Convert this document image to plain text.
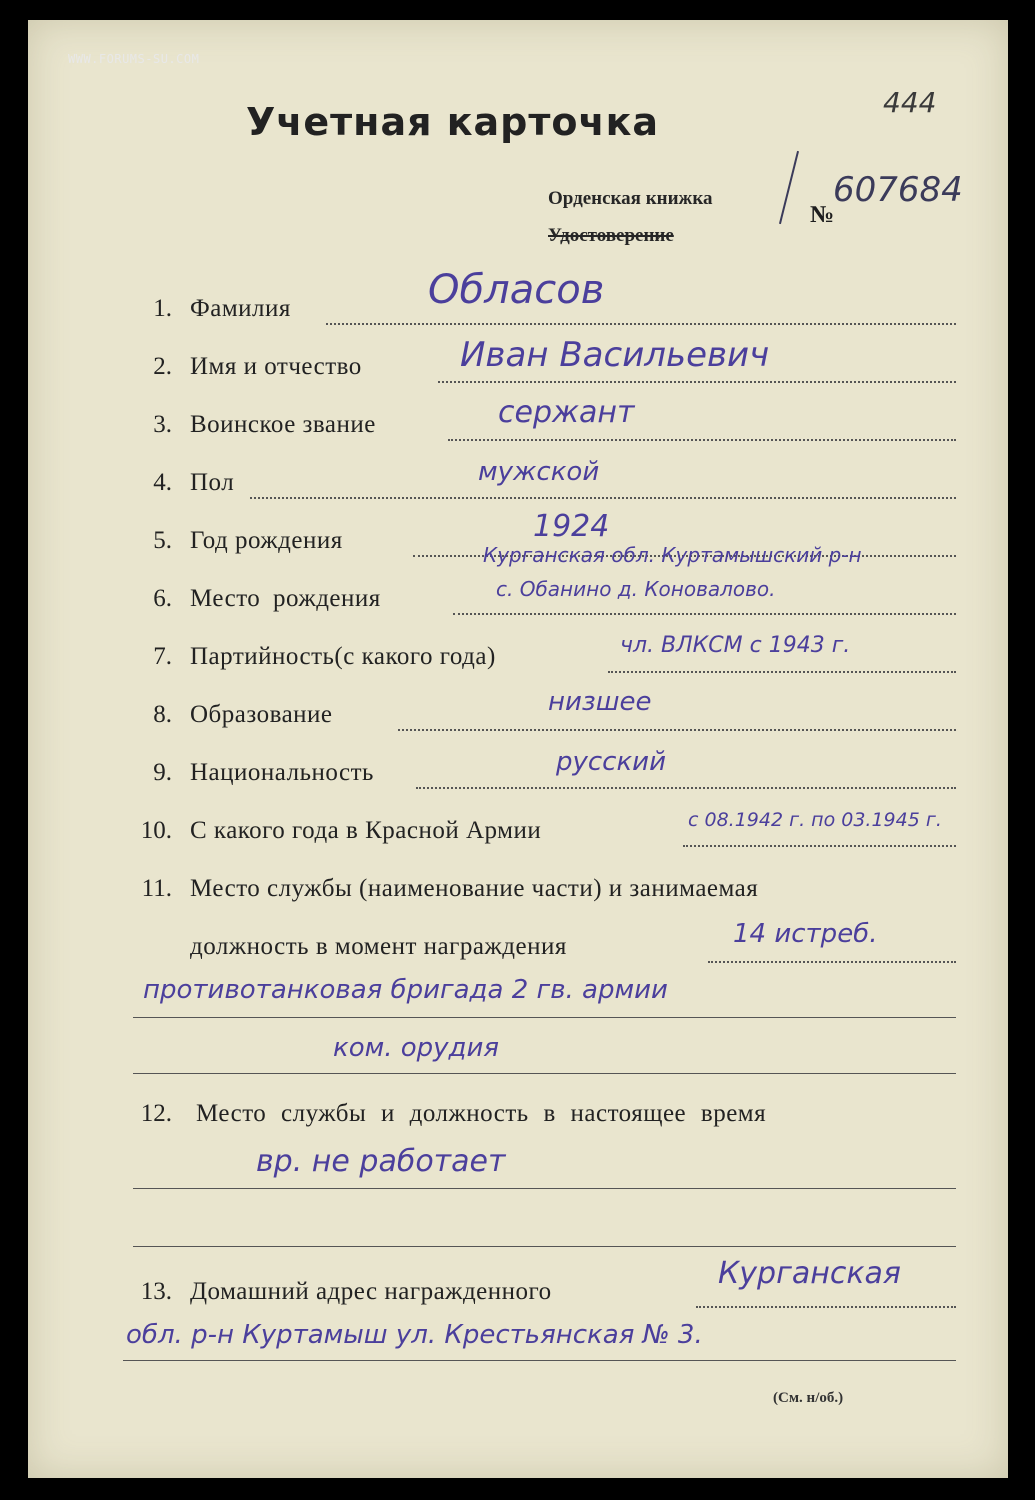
WWW.FORUMS-SU.COM
Учетная карточка	444
Орденская книжка
Удостоверение
№
607684
1. Фамилия	Обласов
2. Имя и отчество	Иван Васильевич
3. Воинское звание	сержант
4. Пол	мужской
5. Год рождения	1924
6. Место рождения
Курганская обл. Куртамышский р-н
с. Обанино д. Коновалово.
7. Партийность(с какого года)	чл. ВЛКСМ с 1943 г.
8. Образование	низшее
9. Национальность	русский
10. С какого года в Красной Армии	с 08.1942 г. по 03.1945 г.
11. Место службы (наименование части) и занимаемая
должность в момент награждения	14 истреб.
противотанковая бригада 2 гв. армии
ком. орудия
12. Место службы и должность в настоящее время
вр. не работает
13. Домашний адрес награжденного
Курганская
обл. р-н Куртамыш ул. Крестьянская № 3.
(См. н/об.)
